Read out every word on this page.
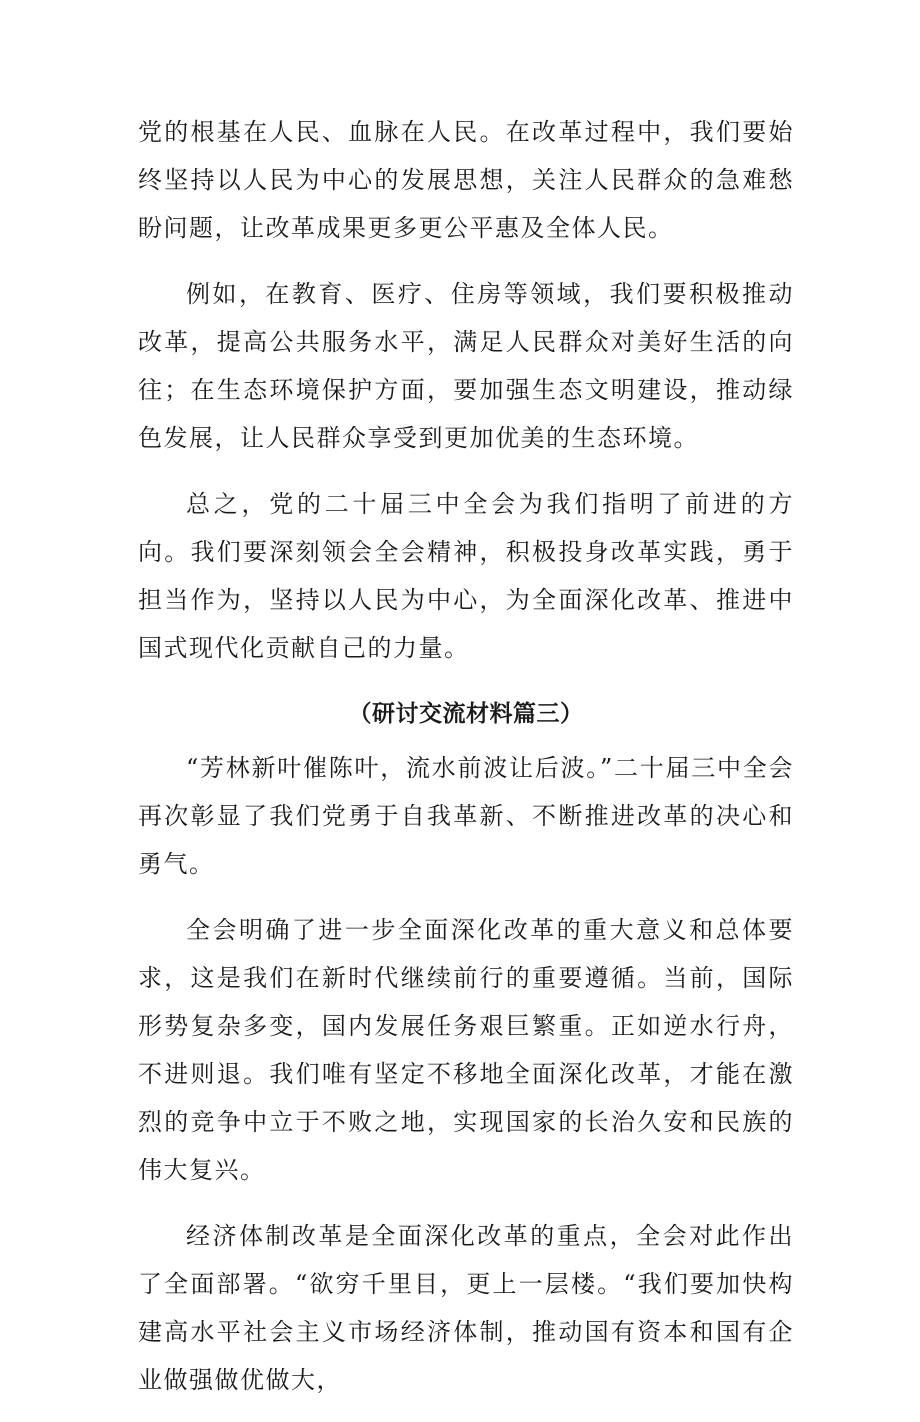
党的根基在人民、血脉在人民。在改革过程中，我们要始终坚持以人民为中心的发展思想，关注人民群众的急难愁盼问题，让改革成果更多更公平惠及全体人民。

例如，在教育、医疗、住房等领域，我们要积极推动改革，提高公共服务水平，满足人民群众对美好生活的向往；在生态环境保护方面，要加强生态文明建设，推动绿色发展，让人民群众享受到更加优美的生态环境。

总之，党的二十届三中全会为我们指明了前进的方向。我们要深刻领会全会精神，积极投身改革实践，勇于担当作为，坚持以人民为中心，为全面深化改革、推进中国式现代化贡献自己的力量。

（研讨交流材料篇三）

“芳林新叶催陈叶，流水前波让后波。”二十届三中全会再次彰显了我们党勇于自我革新、不断推进改革的决心和勇气。

全会明确了进一步全面深化改革的重大意义和总体要求，这是我们在新时代继续前行的重要遵循。当前，国际形势复杂多变，国内发展任务艰巨繁重。正如逆水行舟，不进则退。我们唯有坚定不移地全面深化改革，才能在激烈的竞争中立于不败之地，实现国家的长治久安和民族的伟大复兴。

经济体制改革是全面深化改革的重点，全会对此作出了全面部署。“欲穷千里目，更上一层楼。“我们要加快构建高水平社会主义市场经济体制，推动国有资本和国有企业做强做优做大，
